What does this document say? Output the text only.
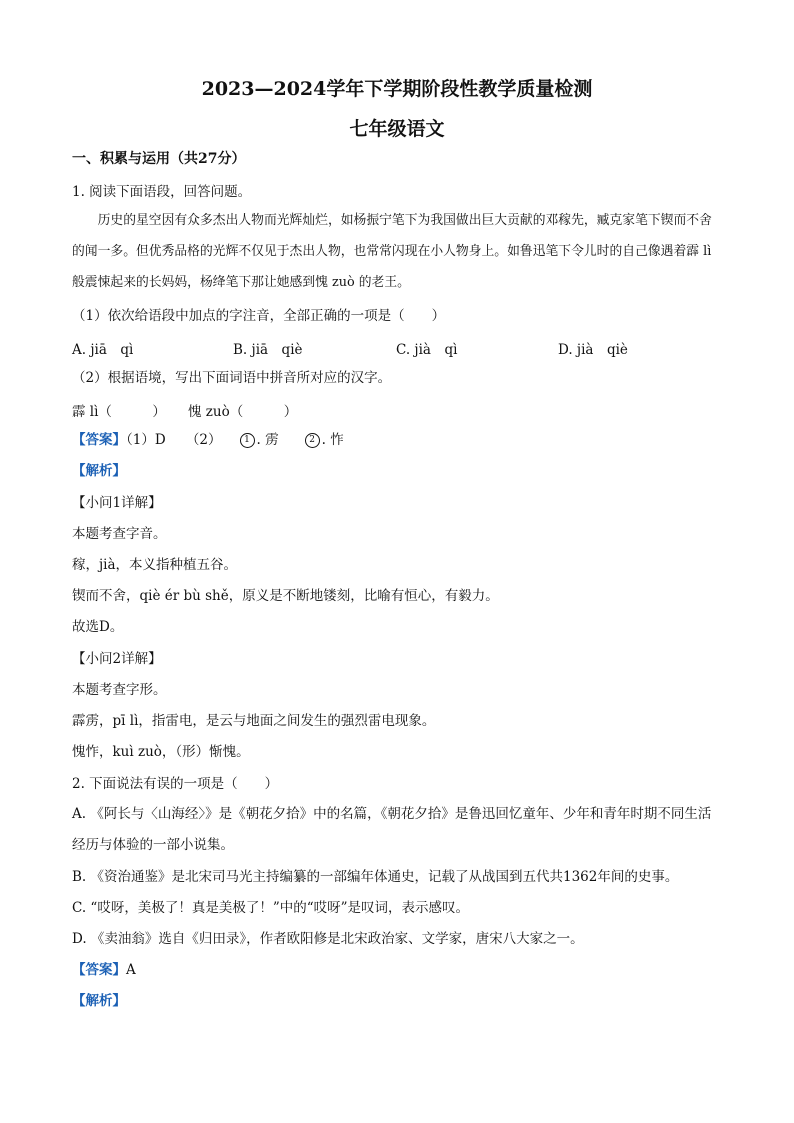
2023—2024学年下学期阶段性教学质量检测
七年级语文
一、积累与运用（共27分）
1. 阅读下面语段，回答问题。
历史的星空因有众多杰出人物而光辉灿烂，如杨振宁笔下为我国做出巨大贡献的邓稼先，臧克家笔下锲而不舍的闻一多。但优秀品格的光辉不仅见于杰出人物，也常常闪现在小人物身上。如鲁迅笔下令儿时的自己像遇着霹 lì 般震悚起来的长妈妈，杨绛笔下那让她感到愧 zuò 的老王。
（1）依次给语段中加点的字注音，全部正确的一项是（　　）
A. jiā　qì	B. jiā　qiè	C. jià　qì	D. jià　qiè
（2）根据语境，写出下面词语中拼音所对应的汉字。
霹 lì（　　　） 愧 zuò（　　　）
【答案】（1）D　　（2）	1 . 雳	2 . 怍
【解析】
【小问1详解】
本题考查字音。
稼，jià，本义指种植五谷。
锲而不舍，qiè ér bù shě，原义是不断地镂刻，比喻有恒心，有毅力。
故选D。
【小问2详解】
本题考查字形。
霹雳，pī lì，指雷电，是云与地面之间发生的强烈雷电现象。
愧怍，kuì zuò，（形）惭愧。
2. 下面说法有误的一项是（　　）
A. 《阿长与〈山海经〉》是《朝花夕拾》中的名篇，《朝花夕拾》是鲁迅回忆童年、少年和青年时期不同生活经历与体验的一部小说集。
B. 《资治通鉴》是北宋司马光主持编纂的一部编年体通史，记载了从战国到五代共1362年间的史事。
C. “哎呀，美极了！真是美极了！”中的“哎呀”是叹词，表示感叹。
D. 《卖油翁》选自《归田录》，作者欧阳修是北宋政治家、文学家，唐宋八大家之一。
【答案】A
【解析】
